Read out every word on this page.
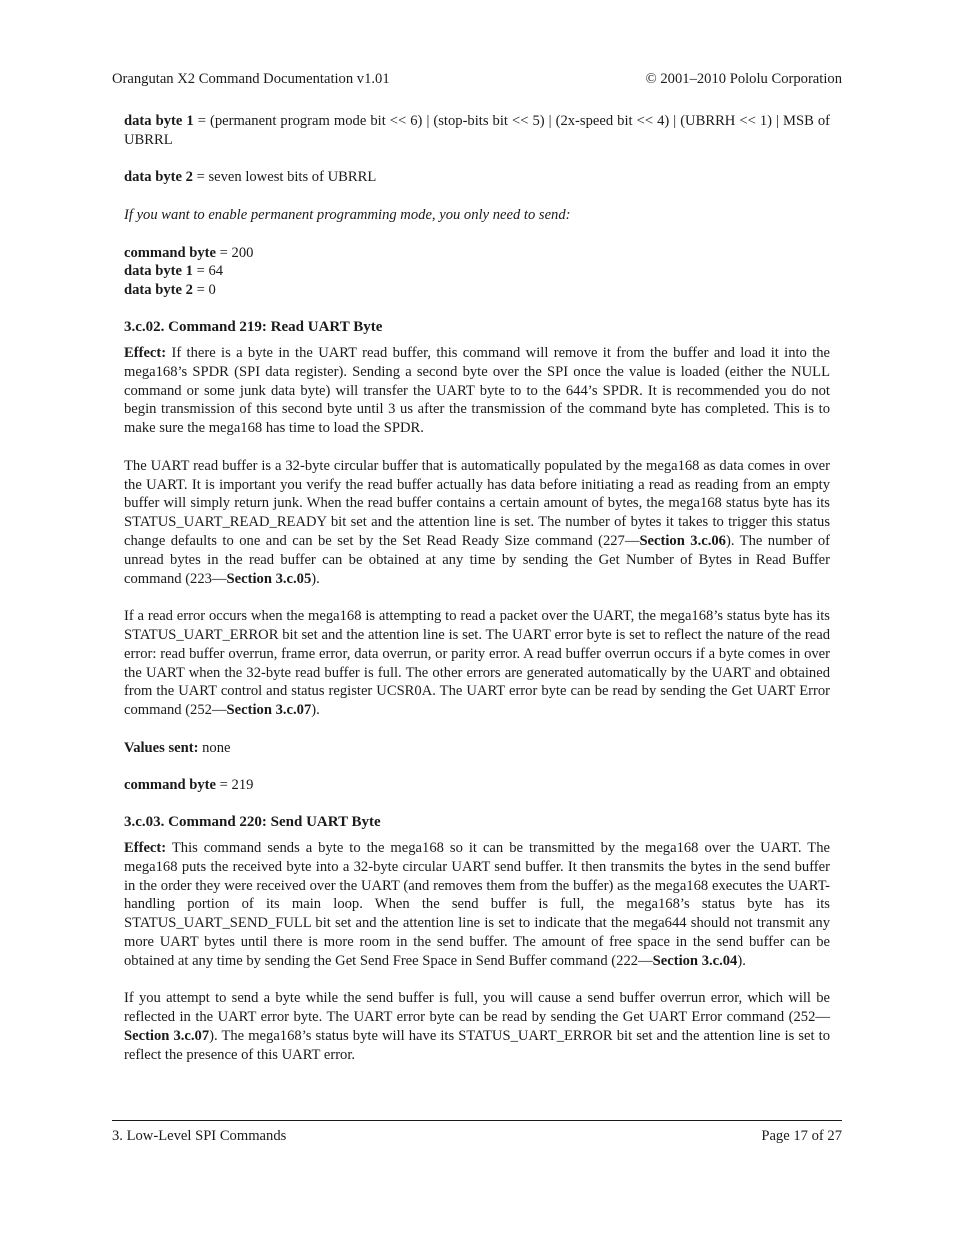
Orangutan X2 Command Documentation v1.01	© 2001–2010 Pololu Corporation

data byte 1 = (permanent program mode bit << 6) | (stop-bits bit << 5) | (2x-speed bit << 4) | (UBRRH << 1) | MSB of UBRRL

data byte 2 = seven lowest bits of UBRRL

If you want to enable permanent programming mode, you only need to send:

command byte = 200

data byte 1 = 64

data byte 2 = 0

3.c.02. Command 219: Read UART Byte

Effect: If there is a byte in the UART read buffer, this command will remove it from the buffer and load it into the mega168’s SPDR (SPI data register). Sending a second byte over the SPI once the value is loaded (either the NULL command or some junk data byte) will transfer the UART byte to to the 644’s SPDR. It is recommended you do not begin transmission of this second byte until 3 us after the transmission of the command byte has completed. This is to make sure the mega168 has time to load the SPDR.

The UART read buffer is a 32-byte circular buffer that is automatically populated by the mega168 as data comes in over the UART. It is important you verify the read buffer actually has data before initiating a read as reading from an empty buffer will simply return junk. When the read buffer contains a certain amount of bytes, the mega168 status byte has its STATUS_UART_READ_READY bit set and the attention line is set. The number of bytes it takes to trigger this status change defaults to one and can be set by the Set Read Ready Size command (227—Section 3.c.06). The number of unread bytes in the read buffer can be obtained at any time by sending the Get Number of Bytes in Read Buffer command (223—Section 3.c.05).

If a read error occurs when the mega168 is attempting to read a packet over the UART, the mega168’s status byte has its STATUS_UART_ERROR bit set and the attention line is set. The UART error byte is set to reflect the nature of the read error: read buffer overrun, frame error, data overrun, or parity error. A read buffer overrun occurs if a byte comes in over the UART when the 32-byte read buffer is full. The other errors are generated automatically by the UART and obtained from the UART control and status register UCSR0A. The UART error byte can be read by sending the Get UART Error command (252—Section 3.c.07).

Values sent: none

command byte = 219

3.c.03. Command 220: Send UART Byte

Effect: This command sends a byte to the mega168 so it can be transmitted by the mega168 over the UART. The mega168 puts the received byte into a 32-byte circular UART send buffer. It then transmits the bytes in the send buffer in the order they were received over the UART (and removes them from the buffer) as the mega168 executes the UART-handling portion of its main loop. When the send buffer is full, the mega168’s status byte has its STATUS_UART_SEND_FULL bit set and the attention line is set to indicate that the mega644 should not transmit any more UART bytes until there is more room in the send buffer. The amount of free space in the send buffer can be obtained at any time by sending the Get Send Free Space in Send Buffer command (222—Section 3.c.04).

If you attempt to send a byte while the send buffer is full, you will cause a send buffer overrun error, which will be reflected in the UART error byte. The UART error byte can be read by sending the Get UART Error command (252—Section 3.c.07). The mega168’s status byte will have its STATUS_UART_ERROR bit set and the attention line is set to reflect the presence of this UART error.

3. Low-Level SPI Commands	Page 17 of 27
